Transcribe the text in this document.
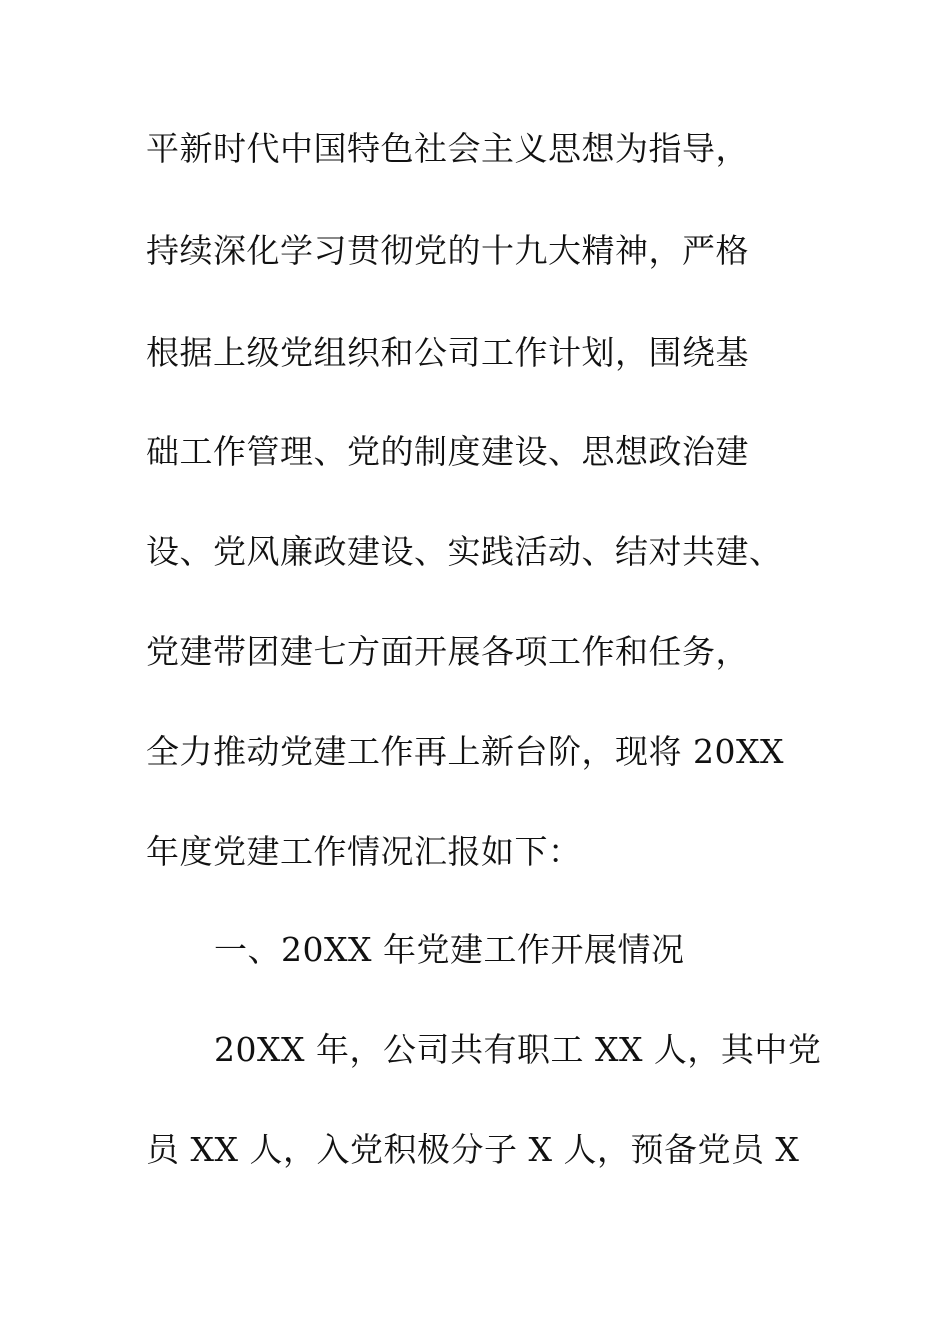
平新时代中国特色社会主义思想为指导，
持续深化学习贯彻党的十九大精神，严格
根据上级党组织和公司工作计划，围绕基
础工作管理、党的制度建设、思想政治建
设、党风廉政建设、实践活动、结对共建、
党建带团建七方面开展各项工作和任务，
全力推动党建工作再上新台阶，现将 20XX
年度党建工作情况汇报如下：
一、20XX 年党建工作开展情况
20XX 年，公司共有职工 XX 人，其中党
员 XX 人，入党积极分子 X 人，预备党员 X
